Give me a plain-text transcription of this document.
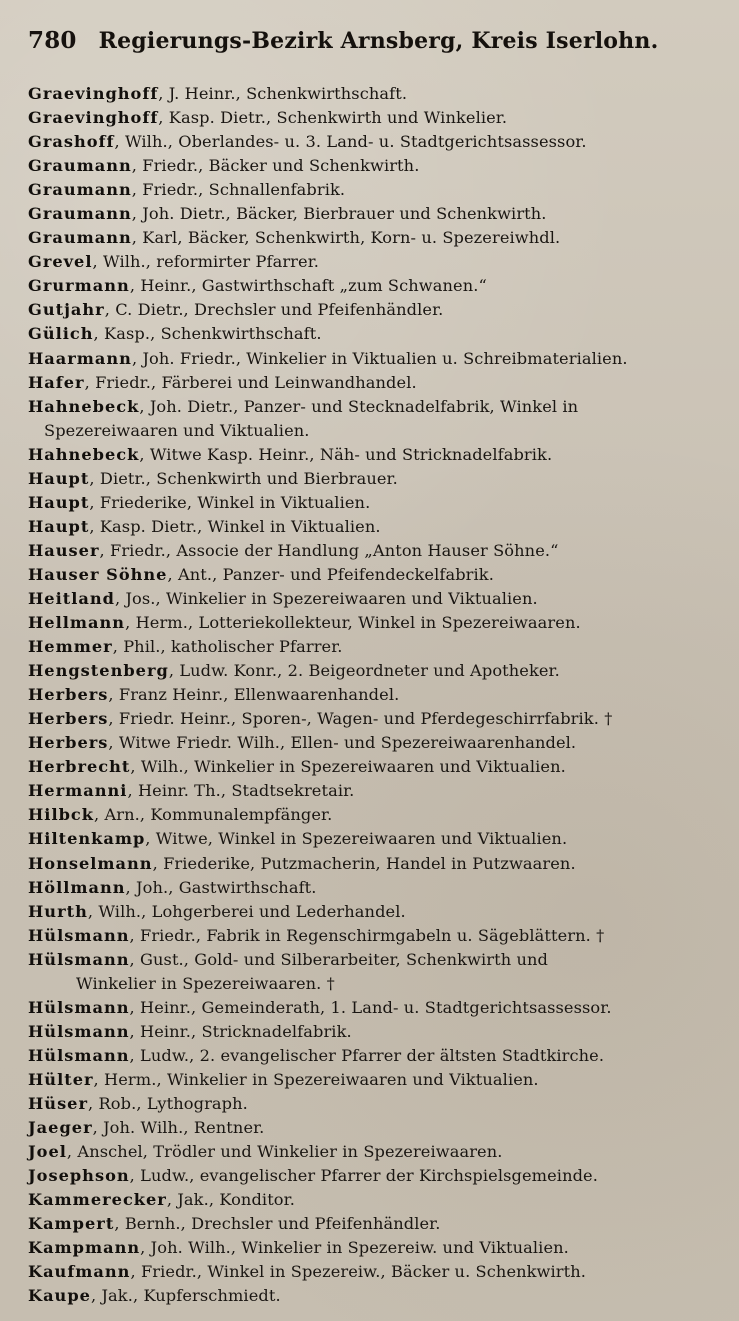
780 Regierungs-Bezirk Arnsberg, Kreis Iserlohn.
Graevinghoff, J. Heinr., Schenkwirthschaft.
Graevinghoff, Kasp. Dietr., Schenkwirth und Winkelier.
Grashoff, Wilh., Oberlandes- u. 3. Land- u. Stadtgerichtsassessor.
Graumann, Friedr., Bäcker und Schenkwirth.
Graumann, Friedr., Schnallenfabrik.
Graumann, Joh. Dietr., Bäcker, Bierbrauer und Schenkwirth.
Graumann, Karl, Bäcker, Schenkwirth, Korn- u. Spezereiwhdl.
Grevel, Wilh., reformirter Pfarrer.
Grurmann, Heinr., Gastwirthschaft „zum Schwanen.“
Gutjahr, C. Dietr., Drechsler und Pfeifenhändler.
Gülich, Kasp., Schenkwirthschaft.
Haarmann, Joh. Friedr., Winkelier in Viktualien u. Schreibmaterialien.
Hafer, Friedr., Färberei und Leinwandhandel.
Hahnebeck, Joh. Dietr., Panzer- und Stecknadelfabrik, Winkel in
Spezereiwaaren und Viktualien.
Hahnebeck, Witwe Kasp. Heinr., Näh- und Stricknadelfabrik.
Haupt, Dietr., Schenkwirth und Bierbrauer.
Haupt, Friederike, Winkel in Viktualien.
Haupt, Kasp. Dietr., Winkel in Viktualien.
Hauser, Friedr., Associe der Handlung „Anton Hauser Söhne.“
Hauser Söhne, Ant., Panzer- und Pfeifendeckelfabrik.
Heitland, Jos., Winkelier in Spezereiwaaren und Viktualien.
Hellmann, Herm., Lotteriekollekteur, Winkel in Spezereiwaaren.
Hemmer, Phil., katholischer Pfarrer.
Hengstenberg, Ludw. Konr., 2. Beigeordneter und Apotheker.
Herbers, Franz Heinr., Ellenwaarenhandel.
Herbers, Friedr. Heinr., Sporen-, Wagen- und Pferdegeschirrfabrik. †
Herbers, Witwe Friedr. Wilh., Ellen- und Spezereiwaarenhandel.
Herbrecht, Wilh., Winkelier in Spezereiwaaren und Viktualien.
Hermanni, Heinr. Th., Stadtsekretair.
Hilbck, Arn., Kommunalempfänger.
Hiltenkamp, Witwe, Winkel in Spezereiwaaren und Viktualien.
Honselmann, Friederike, Putzmacherin, Handel in Putzwaaren.
Höllmann, Joh., Gastwirthschaft.
Hurth, Wilh., Lohgerberei und Lederhandel.
Hülsmann, Friedr., Fabrik in Regenschirmgabeln u. Sägeblättern. †
Hülsmann, Gust., Gold- und Silberarbeiter, Schenkwirth und
Winkelier in Spezereiwaaren. †
Hülsmann, Heinr., Gemeinderath, 1. Land- u. Stadtgerichtsassessor.
Hülsmann, Heinr., Stricknadelfabrik.
Hülsmann, Ludw., 2. evangelischer Pfarrer der ältsten Stadtkirche.
Hülter, Herm., Winkelier in Spezereiwaaren und Viktualien.
Hüser, Rob., Lythograph.
Jaeger, Joh. Wilh., Rentner.
Joel, Anschel, Trödler und Winkelier in Spezereiwaaren.
Josephson, Ludw., evangelischer Pfarrer der Kirchspielsgemeinde.
Kammerecker, Jak., Konditor.
Kampert, Bernh., Drechsler und Pfeifenhändler.
Kampmann, Joh. Wilh., Winkelier in Spezereiw. und Viktualien.
Kaufmann, Friedr., Winkel in Spezereiw., Bäcker u. Schenkwirth.
Kaupe, Jak., Kupferschmiedt.
